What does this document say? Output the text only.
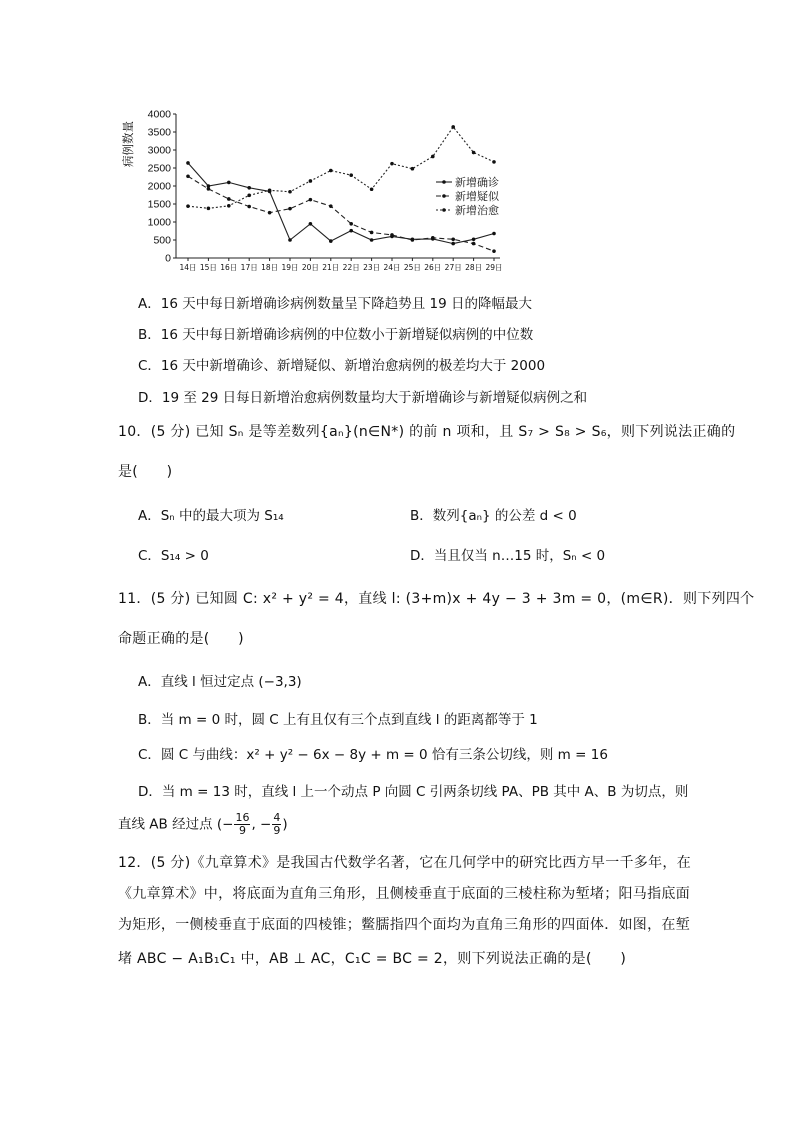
0
500
1000
1500
2000
2500
3000
3500
4000
病例数量
14日 15日 16日 17日 18日 19日 20日 21日 22日 23日 24日 25日 26日 27日 28日 29日
新增确诊
新增疑似
新增治愈
A．16 天中每日新增确诊病例数量呈下降趋势且 19 日的降幅最大
B．16 天中每日新增确诊病例的中位数小于新增疑似病例的中位数
C．16 天中新增确诊、新增疑似、新增治愈病例的极差均大于 2000
D．19 至 29 日每日新增治愈病例数量均大于新增确诊与新增疑似病例之和
10．(5 分) 已知 Sₙ 是等差数列{aₙ}(n∈N*) 的前 n 项和，且 S₇ > S₈ > S₆，则下列说法正确的
是(　　)
A．Sₙ 中的最大项为 S₁₄	B．数列{aₙ} 的公差 d < 0
C．S₁₄ > 0	D．当且仅当 n…15 时，Sₙ < 0
11．(5 分) 已知圆 C: x² + y² = 4，直线 l: (3+m)x + 4y − 3 + 3m = 0，(m∈R)．则下列四个
命题正确的是(　　)
A．直线 l 恒过定点 (−3,3)
B．当 m = 0 时，圆 C 上有且仅有三个点到直线 l 的距离都等于 1
C．圆 C 与曲线：x² + y² − 6x − 8y + m = 0 恰有三条公切线，则 m = 16
D．当 m = 13 时，直线 l 上一个动点 P 向圆 C 引两条切线 PA、PB 其中 A、B 为切点，则
直线 AB 经过点 (− $\frac{16}{9}$ , − $\frac{4}{9}$ )
12．(5 分)《九章算术》是我国古代数学名著，它在几何学中的研究比西方早一千多年，在
《九章算术》中，将底面为直角三角形，且侧棱垂直于底面的三棱柱称为堑堵；阳马指底面
为矩形，一侧棱垂直于底面的四棱锥；鳖臑指四个面均为直角三角形的四面体．如图，在堑
堵 ABC − A₁B₁C₁ 中，AB ⊥ AC，C₁C = BC = 2，则下列说法正确的是(　　)
